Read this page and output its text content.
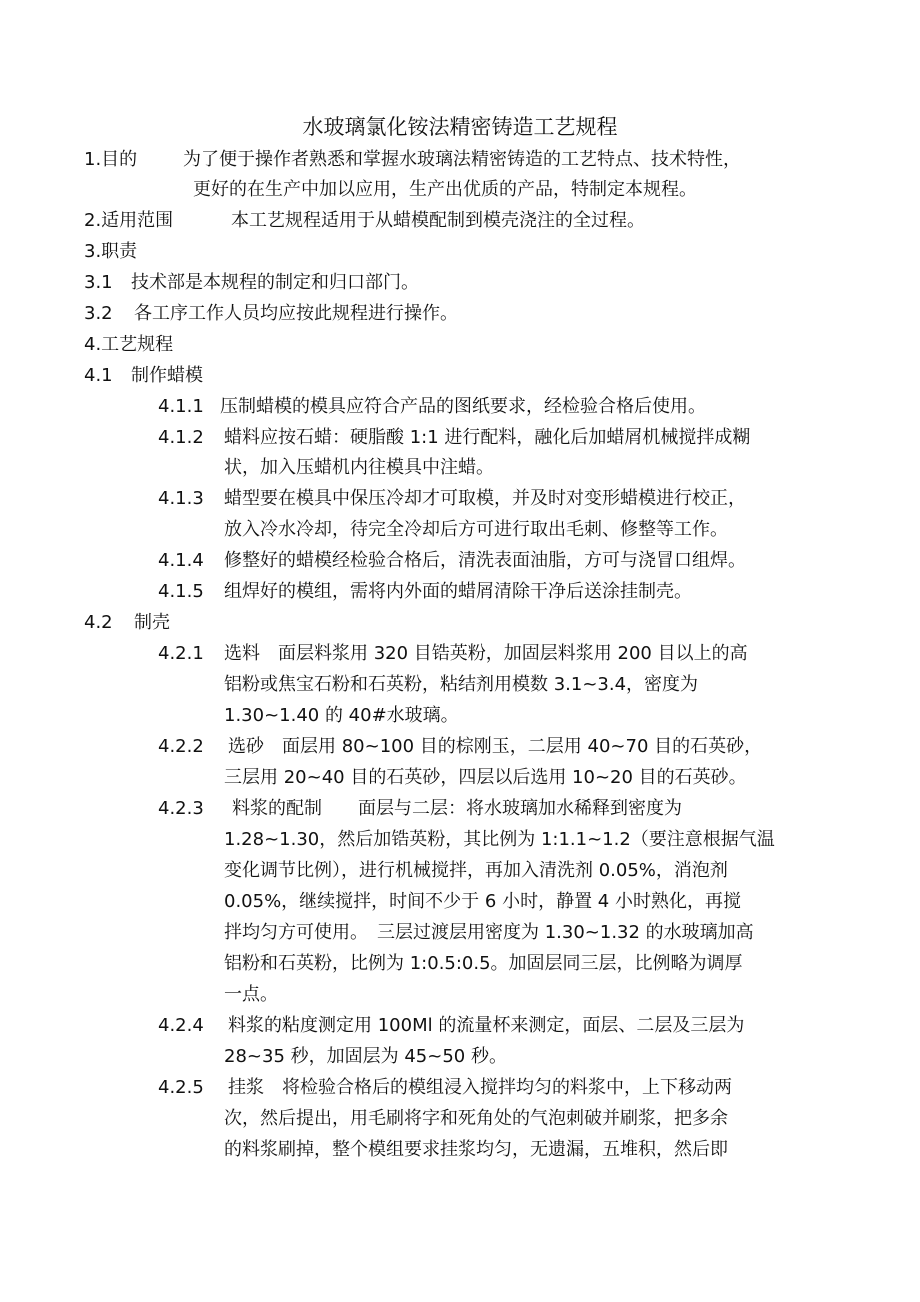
水玻璃氯化铵法精密铸造工艺规程
1.目的	为了便于操作者熟悉和掌握水玻璃法精密铸造的工艺特点、技术特性，
更好的在生产中加以应用，生产出优质的产品，特制定本规程。
2.适用范围	本工艺规程适用于从蜡模配制到模壳浇注的全过程。
3.职责
3.1 技术部是本规程的制定和归口部门。
3.2 各工序工作人员均应按此规程进行操作。
4.工艺规程
4.1 制作蜡模
4.1.1 压制蜡模的模具应符合产品的图纸要求，经检验合格后使用。
4.1.2 蜡料应按石蜡：硬脂酸 1:1 进行配料，融化后加蜡屑机械搅拌成糊
状，加入压蜡机内往模具中注蜡。
4.1.3 蜡型要在模具中保压冷却才可取模，并及时对变形蜡模进行校正，
放入冷水冷却，待完全冷却后方可进行取出毛刺、修整等工作。
4.1.4 修整好的蜡模经检验合格后，清洗表面油脂，方可与浇冒口组焊。
4.1.5 组焊好的模组，需将内外面的蜡屑清除干净后送涂挂制壳。
4.2 制壳
4.2.1 选料　面层料浆用 320 目锆英粉，加固层料浆用 200 目以上的高
铝粉或焦宝石粉和石英粉，粘结剂用模数 3.1~3.4，密度为
1.30~1.40 的 40#水玻璃。
4.2.2 选砂　面层用 80~100 目的棕刚玉，二层用 40~70 目的石英砂，
三层用 20~40 目的石英砂，四层以后选用 10~20 目的石英砂。
4.2.3 料浆的配制　　面层与二层：将水玻璃加水稀释到密度为
1.28~1.30，然后加锆英粉，其比例为 1:1.1~1.2（要注意根据气温
变化调节比例），进行机械搅拌，再加入清洗剂 0.05%，消泡剂
0.05%，继续搅拌，时间不少于 6 小时，静置 4 小时熟化，再搅
拌均匀方可使用。　三层过渡层用密度为 1.30~1.32 的水玻璃加高
铝粉和石英粉，比例为 1:0.5:0.5。加固层同三层，比例略为调厚
一点。
4.2.4 料浆的粘度测定用 100Ml 的流量杯来测定，面层、二层及三层为
28~35 秒，加固层为 45~50 秒。
4.2.5 挂浆　将检验合格后的模组浸入搅拌均匀的料浆中，上下移动两
次，然后提出，用毛刷将字和死角处的气泡刺破并刷浆，把多余
的料浆刷掉，整个模组要求挂浆均匀，无遗漏，五堆积，然后即
